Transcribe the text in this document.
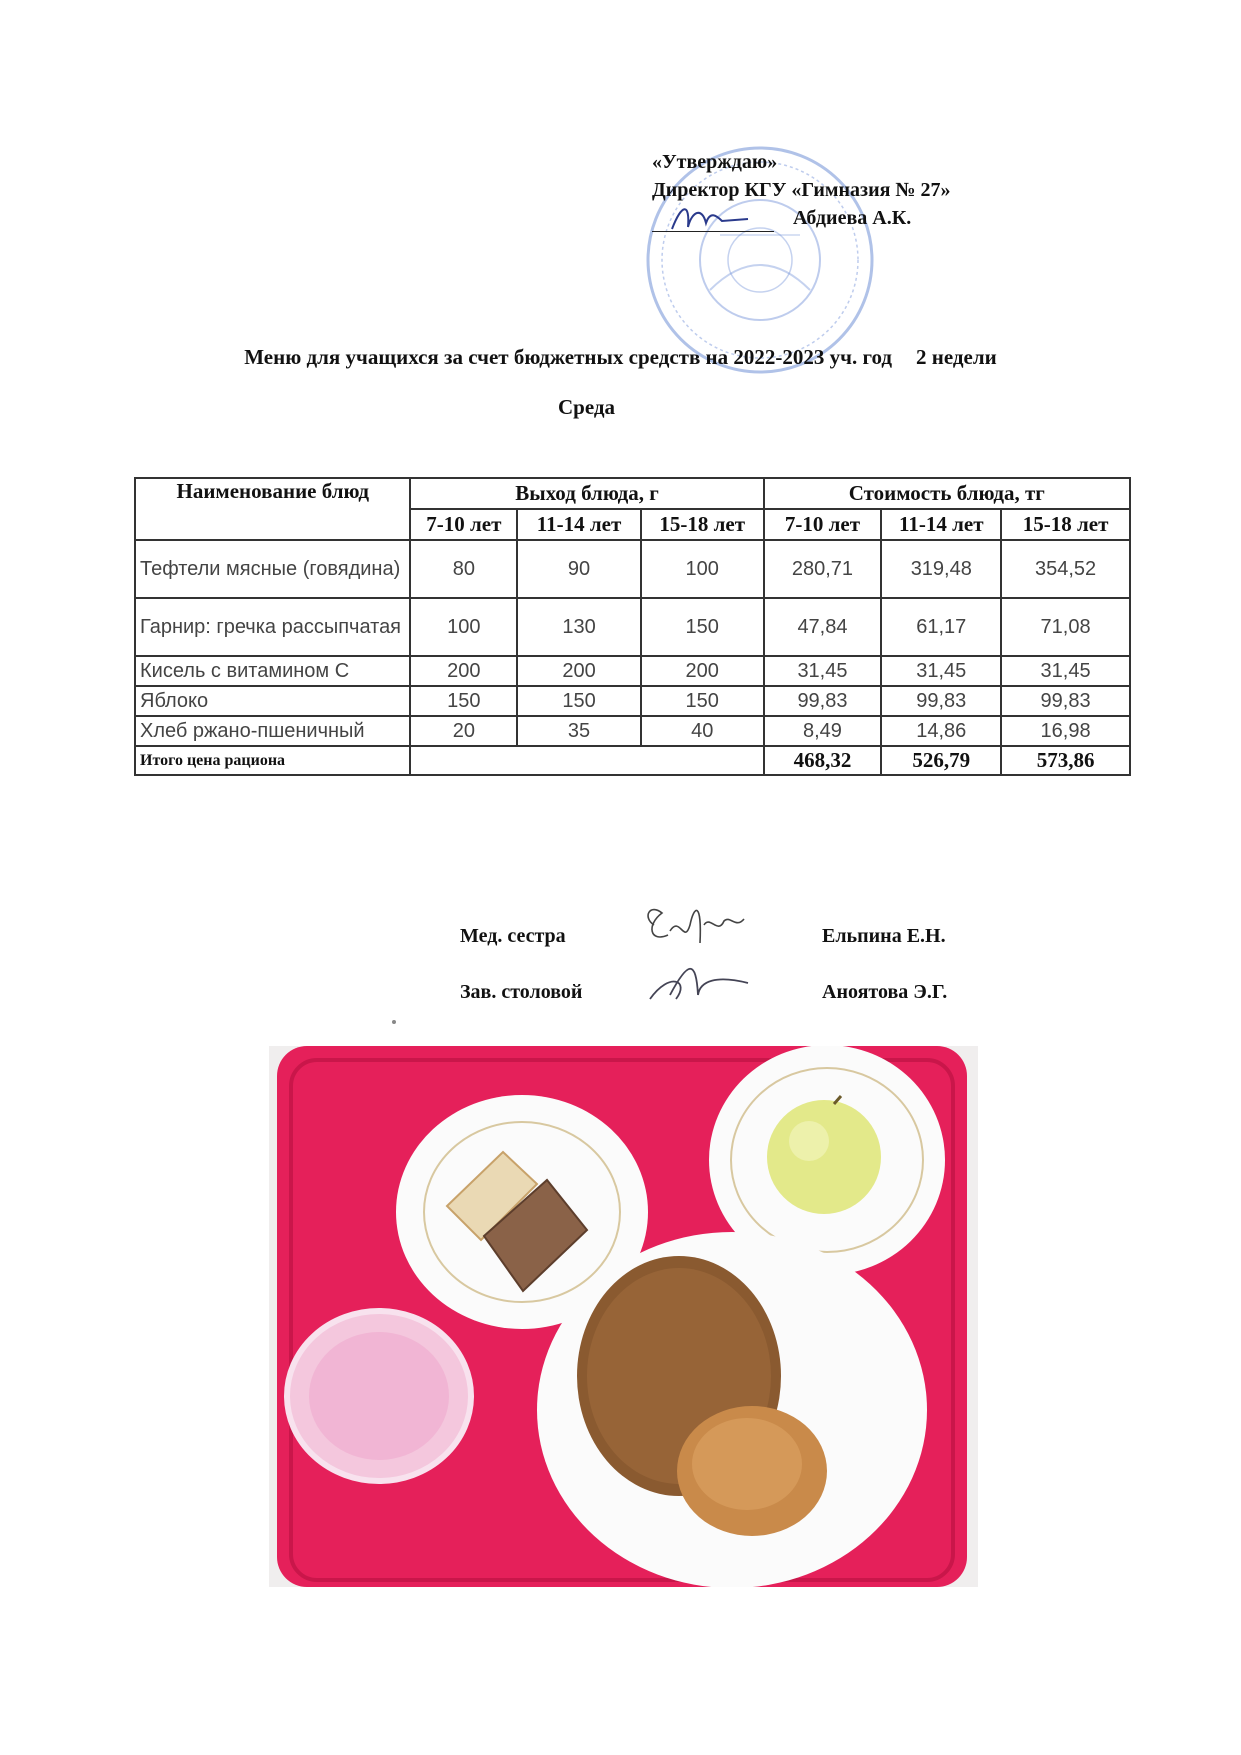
«Утверждаю»
Директор КГУ «Гимназия № 27»
Абдиева А.К.
Меню для учащихся за счет бюджетных средств на 2022-2023 уч. год 2 недели
Среда
Наименование блюд	Выход блюда, г			Стоимость блюда, тг		
	7-10 лет	11-14 лет	15-18 лет	7-10 лет	11-14 лет	15-18 лет
Тефтели мясные (говядина)	80	90	100	280,71	319,48	354,52
Гарнир: гречка рассыпчатая	100	130	150	47,84	61,17	71,08
Кисель с витамином С	200	200	200	31,45	31,45	31,45
Яблоко	150	150	150	99,83	99,83	99,83
Хлеб ржано-пшеничный	20	35	40	8,49	14,86	16,98
Итого цена рациона				468,32	526,79	573,86
Мед. сестра	Ельпина Е.Н.
Зав. столовой	Аноятова Э.Г.
